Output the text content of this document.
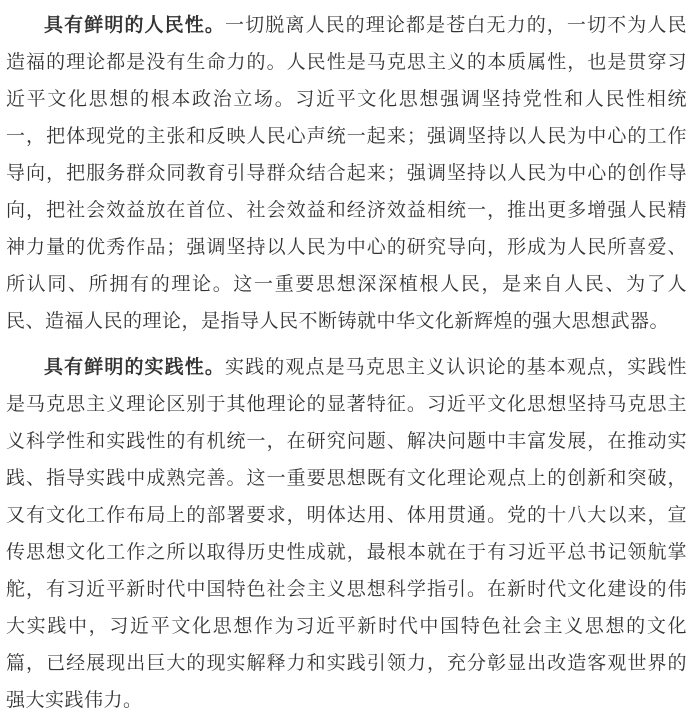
具有鲜明的人民性。一切脱离人民的理论都是苍白无力的，一切不为人民造福的理论都是没有生命力的。人民性是马克思主义的本质属性，也是贯穿习近平文化思想的根本政治立场。习近平文化思想强调坚持党性和人民性相统一，把体现党的主张和反映人民心声统一起来；强调坚持以人民为中心的工作导向，把服务群众同教育引导群众结合起来；强调坚持以人民为中心的创作导向，把社会效益放在首位、社会效益和经济效益相统一，推出更多增强人民精神力量的优秀作品；强调坚持以人民为中心的研究导向，形成为人民所喜爱、所认同、所拥有的理论。这一重要思想深深植根人民，是来自人民、为了人民、造福人民的理论，是指导人民不断铸就中华文化新辉煌的强大思想武器。

具有鲜明的实践性。实践的观点是马克思主义认识论的基本观点，实践性是马克思主义理论区别于其他理论的显著特征。习近平文化思想坚持马克思主义科学性和实践性的有机统一，在研究问题、解决问题中丰富发展，在推动实践、指导实践中成熟完善。这一重要思想既有文化理论观点上的创新和突破，又有文化工作布局上的部署要求，明体达用、体用贯通。党的十八大以来，宣传思想文化工作之所以取得历史性成就，最根本就在于有习近平总书记领航掌舵，有习近平新时代中国特色社会主义思想科学指引。在新时代文化建设的伟大实践中，习近平文化思想作为习近平新时代中国特色社会主义思想的文化篇，已经展现出巨大的现实解释力和实践引领力，充分彰显出改造客观世界的强大实践伟力。
